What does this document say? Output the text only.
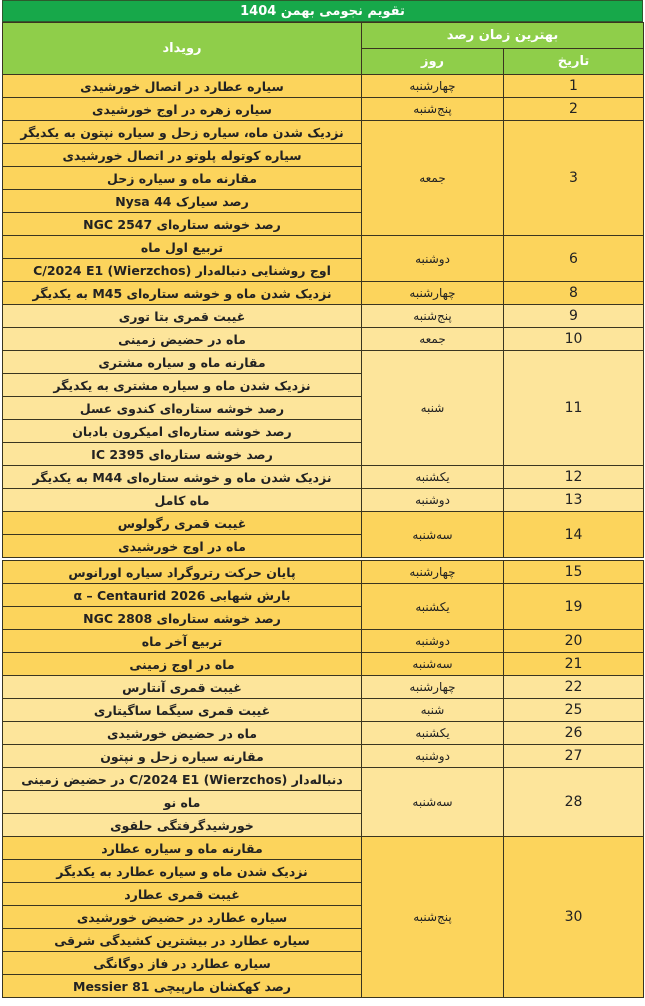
تقویم نجومی بهمن 1404
بهترین زمان رصد		رویداد
تاریخ	روز	
1	چهارشنبه	سیاره عطارد در اتصال خورشیدی
2	پنج‌شنبه	سیاره زهره در اوج خورشیدی
3	جمعه	نزدیک شدن ماه، سیاره زحل و سیاره نپتون به یکدیگر
		سیاره کوتوله پلوتو در اتصال خورشیدی
		مقارنه ماه و سیاره زحل
		رصد سیارک 44 Nysa
		رصد خوشه ستاره‌ای NGC 2547
6	دوشنبه	تربیع اول ماه
		اوج روشنایی دنباله‌دار C/2024 E1 (Wierzchos)
8	چهارشنبه	نزدیک شدن ماه و خوشه ستاره‌ای M45 به یکدیگر
9	پنج‌شنبه	غیبت قمری بتا توری
10	جمعه	ماه در حضیض زمینی
11	شنبه	مقارنه ماه و سیاره مشتری
		نزدیک شدن ماه و سیاره مشتری به یکدیگر
		رصد خوشه ستاره‌ای کندوی عسل
		رصد خوشه ستاره‌ای امیکرون بادبان
		رصد خوشه ستاره‌ای IC 2395
12	یکشنبه	نزدیک شدن ماه و خوشه ستاره‌ای M44 به یکدیگر
13	دوشنبه	ماه کامل
14	سه‌شنبه	غیبت قمری رگولوس
		ماه در اوج خورشیدی

15	چهارشنبه	پایان حرکت رتروگراد سیاره اورانوس
19	یکشنبه	بارش شهابی α – Centaurid 2026
		رصد خوشه ستاره‌ای NGC 2808
20	دوشنبه	تربیع آخر ماه
21	سه‌شنبه	ماه در اوج زمینی
22	چهارشنبه	غیبت قمری آنتارس
25	شنبه	غیبت قمری سیگما ساگیتاری
26	یکشنبه	ماه در حضیض خورشیدی
27	دوشنبه	مقارنه سیاره زحل و نپتون
28	سه‌شنبه	دنباله‌دار C/2024 E1 (Wierzchos) در حضیض زمینی
		ماه نو
		خورشیدگرفتگی حلقوی
30	پنج‌شنبه	مقارنه ماه و سیاره عطارد
		نزدیک شدن ماه و سیاره عطارد به یکدیگر
		غیبت قمری عطارد
		سیاره عطارد در حضیض خورشیدی
		سیاره عطارد در بیشترین کشیدگی شرقی
		سیاره عطارد در فاز دوگانگی
		رصد کهکشان مارپیچی Messier 81
